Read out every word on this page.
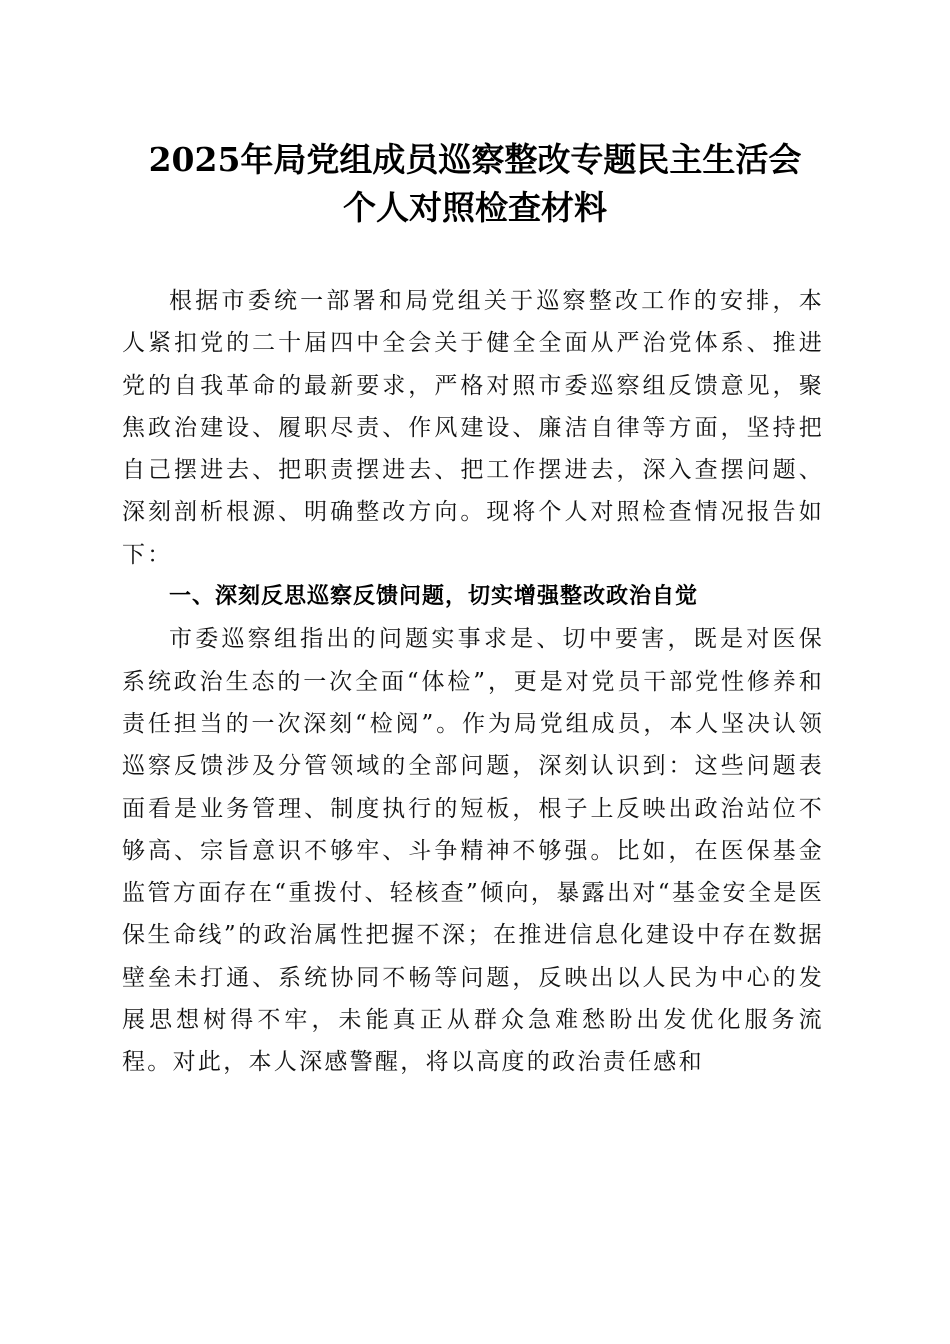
2025年局党组成员巡察整改专题民主生活会
个人对照检查材料

根据市委统一部署和局党组关于巡察整改工作的安排，本人紧扣党的二十届四中全会关于健全全面从严治党体系、推进党的自我革命的最新要求，严格对照市委巡察组反馈意见，聚焦政治建设、履职尽责、作风建设、廉洁自律等方面，坚持把自己摆进去、把职责摆进去、把工作摆进去，深入查摆问题、深刻剖析根源、明确整改方向。现将个人对照检查情况报告如下：

一、深刻反思巡察反馈问题，切实增强整改政治自觉

市委巡察组指出的问题实事求是、切中要害，既是对医保系统政治生态的一次全面“体检”，更是对党员干部党性修养和责任担当的一次深刻“检阅”。作为局党组成员，本人坚决认领巡察反馈涉及分管领域的全部问题，深刻认识到：这些问题表面看是业务管理、制度执行的短板，根子上反映出政治站位不够高、宗旨意识不够牢、斗争精神不够强。比如，在医保基金监管方面存在“重拨付、轻核查”倾向，暴露出对“基金安全是医保生命线”的政治属性把握不深；在推进信息化建设中存在数据壁垒未打通、系统协同不畅等问题，反映出以人民为中心的发展思想树得不牢，未能真正从群众急难愁盼出发优化服务流程。对此，本人深感警醒，将以高度的政治责任感和
